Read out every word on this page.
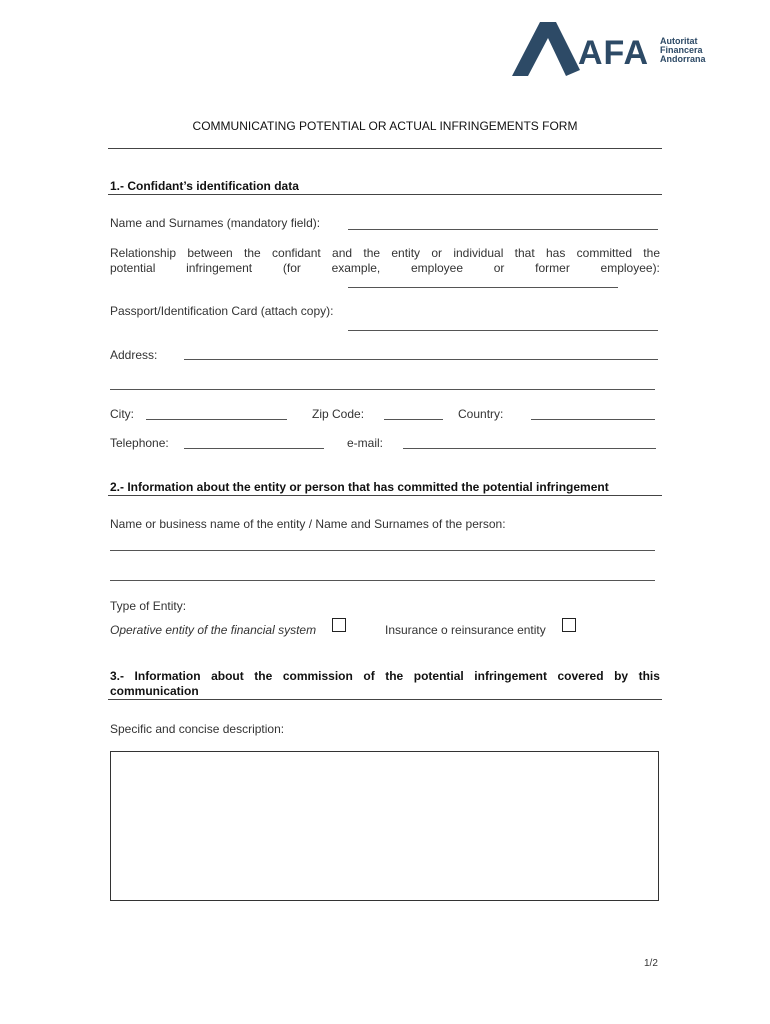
AFA Autoritat
Financera
Andorrana
COMMUNICATING POTENTIAL OR ACTUAL INFRINGEMENTS FORM
1.- Confidant’s identification data
Name and Surnames (mandatory field):
Relationship between the confidant and the entity or individual that has committed the
potential	infringement	(for	example,	employee	or	former	employee):
Passport/Identification Card (attach copy):
Address:
City:	Zip Code:	Country:
Telephone:	e-mail:
2.- Information about the entity or person that has committed the potential infringement
Name or business name of the entity / Name and Surnames of the person:
Type of Entity:
Operative entity of the financial system	Insurance o reinsurance entity
3.- Information about the commission of the potential infringement covered by this
communication
Specific and concise description:
1/2
